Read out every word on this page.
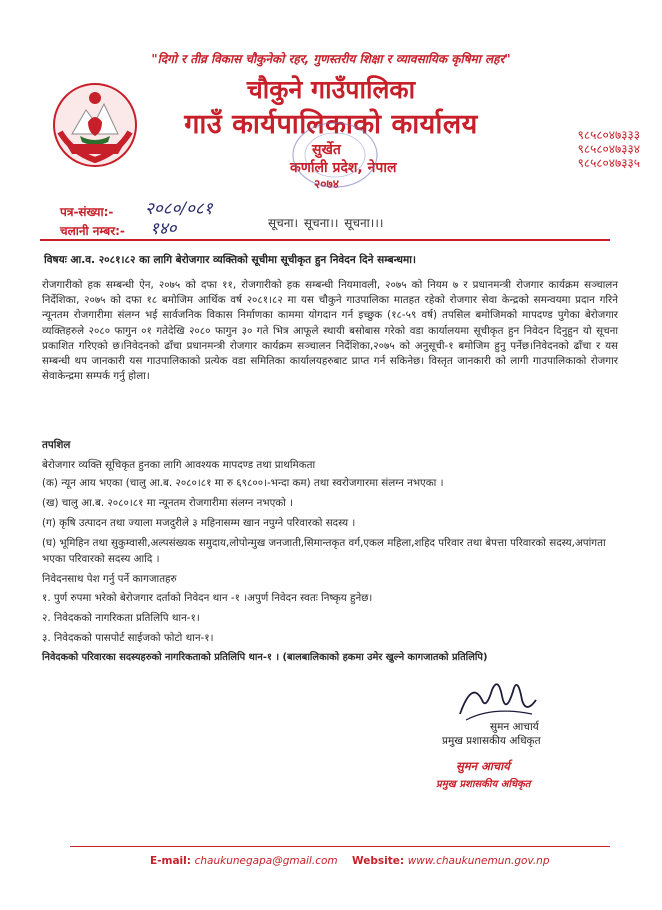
"दिगो र तीव्र विकास चौकुनेको रहर, गुणस्तरीय शिक्षा र व्यावसायिक कृषिमा लहर"
चौकुने गाउँपालिका
गाउँ कार्यपालिकाको कार्यालय
सुर्खेत
कर्णाली प्रदेश, नेपाल
२०७४
९८५८०४७३३३
९८५८०४७३३४
९८५८०४७३३५
पत्र-संख्या:- २०८०/०८१
चलानी नम्बर:- १४०	सूचना। सूचना।। सूचना।।।
विषयः आ.व. २०८१।८२ का लागि बेरोजगार व्यक्तिको सूचीमा सूचीकृत हुन निवेदन दिने सम्बन्धमा।
रोजगारीको हक सम्बन्धी ऐन, २०७५ को दफा ११, रोजगारीको हक सम्बन्धी नियमावली, २०७५ को नियम ७ र प्रधानमन्त्री रोजगार कार्यक्रम सञ्चालन निर्देशिका, २०७५ को दफा १८ बमोजिम आर्थिक वर्ष २०८१।८२ मा यस चौकुने गाउपालिका मातहत रहेको रोजगार सेवा केन्द्रको समन्वयमा प्रदान गरिने न्यूनतम रोजगारीमा संलग्न भई सार्वजनिक विकास निर्माणका काममा योगदान गर्न इच्छुक (१८-५९ वर्ष) तपसिल बमोजिमको मापदण्ड पुगेका बेरोजगार व्यक्तिहरुले २०८० फागुन ०१ गतेदेखि २०८० फागुन ३० गते भित्र आफूले स्थायी बसोबास गरेको वडा कार्यालयमा सूचीकृत हुन निवेदन दिनुहुन यो सूचना प्रकाशित गरिएको छ।निवेदनको ढाँचा प्रधानमन्त्री रोजगार कार्यक्रम सञ्चालन निर्देशिका,२०७५ को अनुसूची-१ बमोजिम हुनु पर्नेछ।निवेदनको ढाँचा र यस सम्बन्धी थप जानकारी यस गाउपालिकाको प्रत्येक वडा समितिका कार्यालयहरुबाट प्राप्त गर्न सकिनेछ। विस्तृत जानकारी को लागी गाउपालिकाको रोजगार सेवाकेन्द्रमा सम्पर्क गर्नु होला।
तपशिल
बेरोजगार व्यक्ति सूचिकृत हुनका लागि आवश्यक मापदण्ड तथा प्राथमिकता
(क) न्यून आय भएका (चालु आ.ब. २०८०।८१ मा रु ६९८००।-भन्दा कम) तथा स्वरोजगारमा संलग्न नभएका ।
(ख) चालु आ.ब. २०८०।८१ मा न्यूनतम रोजगारीमा संलग्न नभएको ।
(ग) कृषि उत्पादन तथा ज्याला मजदुरीले ३ महिनासम्म खान नपुग्ने परिवारको सदस्य ।
(घ) भूमिहिन तथा सुकुम्वासी,अल्पसंख्यक समुदाय,लोपोन्मुख जनजाती,सिमान्तकृत वर्ग,एकल महिला,शहिद परिवार तथा बेपत्ता परिवारको सदस्य,अपांगता भएका परिवारको सदस्य आदि ।
निवेदनसाथ पेश गर्नु पर्ने कागजातहरु
१. पुर्ण रुपमा भरेको बेरोजगार दर्ताको निवेदन थान -१ ।अपुर्ण निवेदन स्वतः निष्कृय हुनेछ।
२. निवेदकको नागरिकता प्रतिलिपि थान-१।
३. निवेदकको पासपोर्ट साईजको फोटो थान-१।
निवेदकको परिवारका सदस्यहरुको नागरिकताको प्रतिलिपि थान-१ । (बालबालिकाको हकमा उमेर खुल्ने कागजातको प्रतिलिपि)
सुमन आचार्य
प्रमुख प्रशासकीय अधिकृत
सुमन आचार्य
प्रमुख प्रशासकीय अधिकृत
E-mail: chaukunegapa@gmail.com Website: www.chaukunemun.gov.np
